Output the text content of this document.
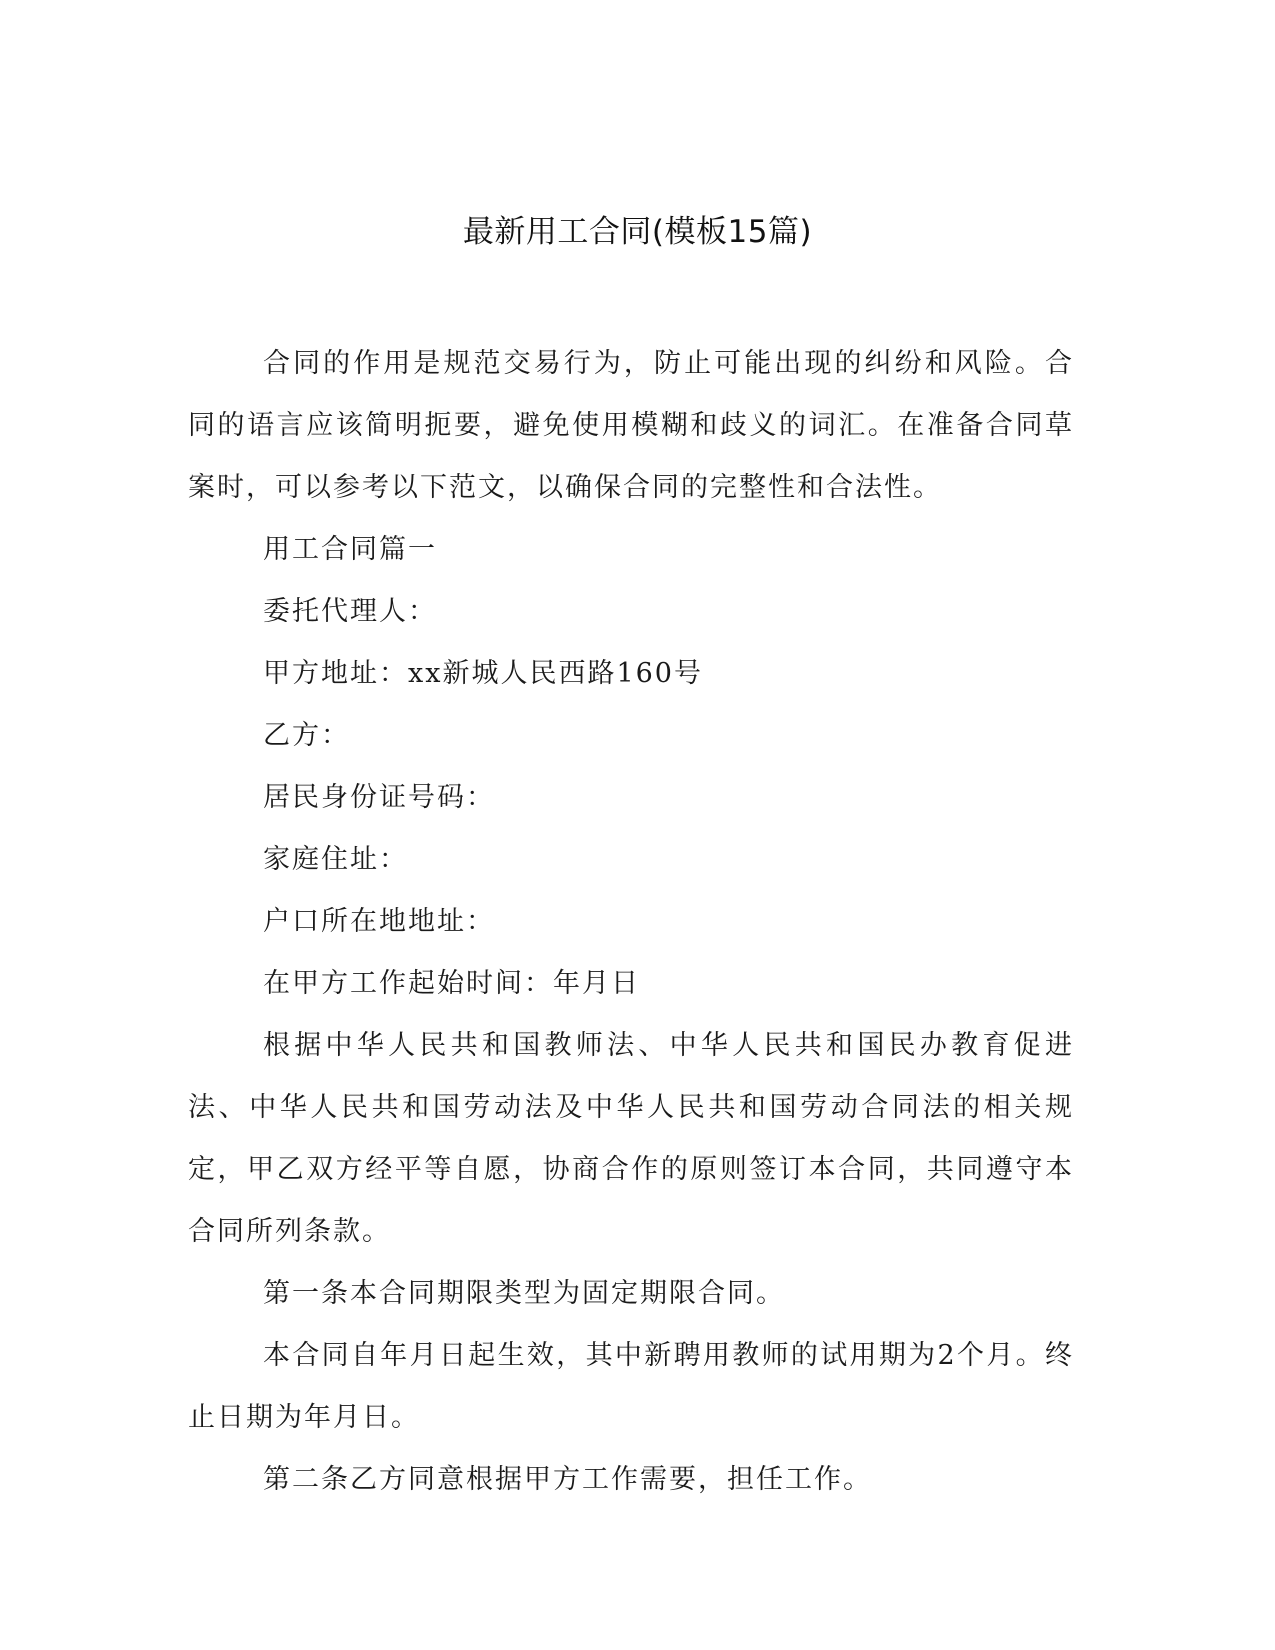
最新用工合同(模板15篇)

合同的作用是规范交易行为，防止可能出现的纠纷和风险。合同的语言应该简明扼要，避免使用模糊和歧义的词汇。在准备合同草案时，可以参考以下范文，以确保合同的完整性和合法性。

用工合同篇一

委托代理人：

甲方地址：xx新城人民西路160号

乙方：

居民身份证号码：

家庭住址：

户口所在地地址：

在甲方工作起始时间：年月日

根据中华人民共和国教师法、中华人民共和国民办教育促进法、中华人民共和国劳动法及中华人民共和国劳动合同法的相关规定，甲乙双方经平等自愿，协商合作的原则签订本合同，共同遵守本合同所列条款。

第一条本合同期限类型为固定期限合同。

本合同自年月日起生效，其中新聘用教师的试用期为2个月。终止日期为年月日。

第二条乙方同意根据甲方工作需要，担任工作。
